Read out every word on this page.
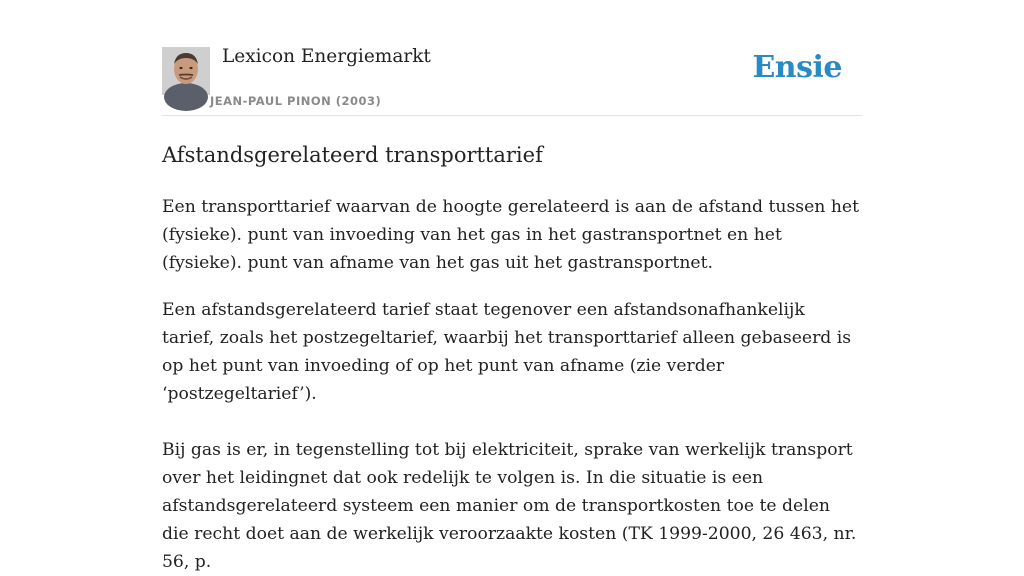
Lexicon Energiemarkt
JEAN-PAUL PINON (2003)
Ensie
Afstandsgerelateerd transporttarief

Een transporttarief waarvan de hoogte gerelateerd is aan de afstand tussen het (fysieke). punt van invoeding van het gas in het gastransportnet en het (fysieke). punt van afname van het gas uit het gastransportnet.

Een afstandsgerelateerd tarief staat tegenover een afstandsonafhankelijk tarief, zoals het postzegeltarief, waarbij het transporttarief alleen gebaseerd is op het punt van invoeding of op het punt van afname (zie verder ‘postzegeltarief’).

Bij gas is er, in tegenstelling tot bij elektriciteit, sprake van werkelijk transport over het leidingnet dat ook redelijk te volgen is. In die situatie is een afstandsgerelateerd systeem een manier om de transportkosten toe te delen die recht doet aan de werkelijk veroorzaakte kosten (TK 1999-2000, 26 463, nr. 56, p.
